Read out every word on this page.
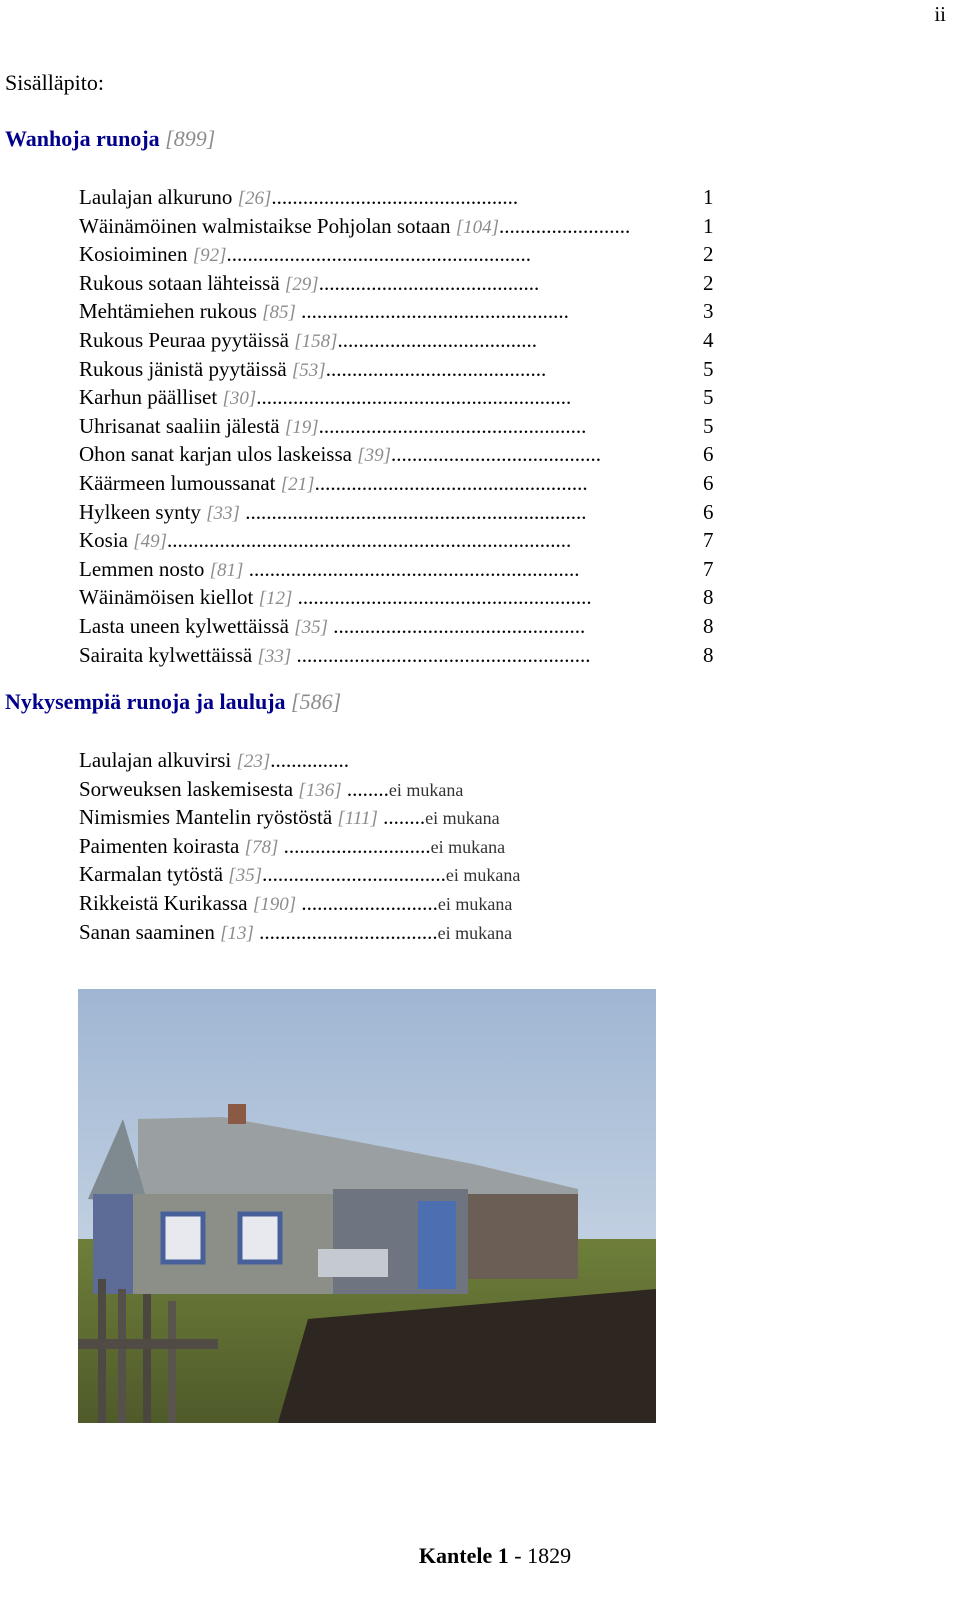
ii
Sisälläpito:
Wanhoja runoja [899]
Laulajan alkuruno [26]...............................................	1
Wäinämöinen walmistaikse Pohjolan sotaan [104].........................	1
Kosioiminen [92]..........................................................	2
Rukous sotaan lähteissä [29]..........................................	2
Mehtämiehen rukous [85] ...................................................	3
Rukous Peuraa pyytäissä [158]......................................	4
Rukous jänistä pyytäissä [53]..........................................	5
Karhun päälliset [30]............................................................	5
Uhrisanat saaliin jälestä [19]...................................................	5
Ohon sanat karjan ulos laskeissa [39]........................................	6
Käärmeen lumoussanat [21]....................................................	6
Hylkeen synty [33] .................................................................	6
Kosia [49].............................................................................	7
Lemmen nosto [81] ...............................................................	7
Wäinämöisen kiellot [12] ........................................................	8
Lasta uneen kylwettäissä [35] ................................................	8
Sairaita kylwettäissä [33] ........................................................	8
Nykysempiä runoja ja lauluja [586]
Laulajan alkuvirsi [23]...............
Sorweuksen laskemisesta [136] ........ei mukana
Nimismies Mantelin ryöstöstä [111] ........ei mukana
Paimenten koirasta [78] ............................ei mukana
Karmalan tytöstä [35]...................................ei mukana
Rikkeistä Kurikassa [190] ..........................ei mukana
Sanan saaminen [13] ..................................ei mukana
Kantele 1 - 1829
